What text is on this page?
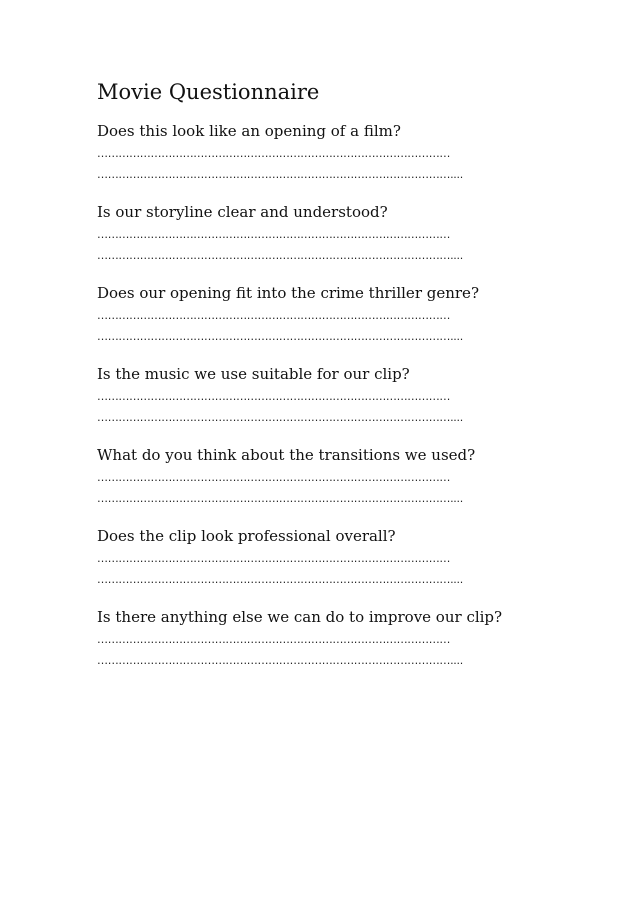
Movie Questionnaire
Does this look like an opening of a film?
………………………………………………………………………………………
………………………………………………………………………………………....
Is our storyline clear and understood?
………………………………………………………………………………………
………………………………………………………………………………………....
Does our opening fit into the crime thriller genre?
………………………………………………………………………………………
………………………………………………………………………………………....
Is the music we use suitable for our clip?
………………………………………………………………………………………
………………………………………………………………………………………....
What do you think about the transitions we used?
………………………………………………………………………………………
………………………………………………………………………………………....
Does the clip look professional overall?
………………………………………………………………………………………
………………………………………………………………………………………....
Is there anything else we can do to improve our clip?
………………………………………………………………………………………
………………………………………………………………………………………....
